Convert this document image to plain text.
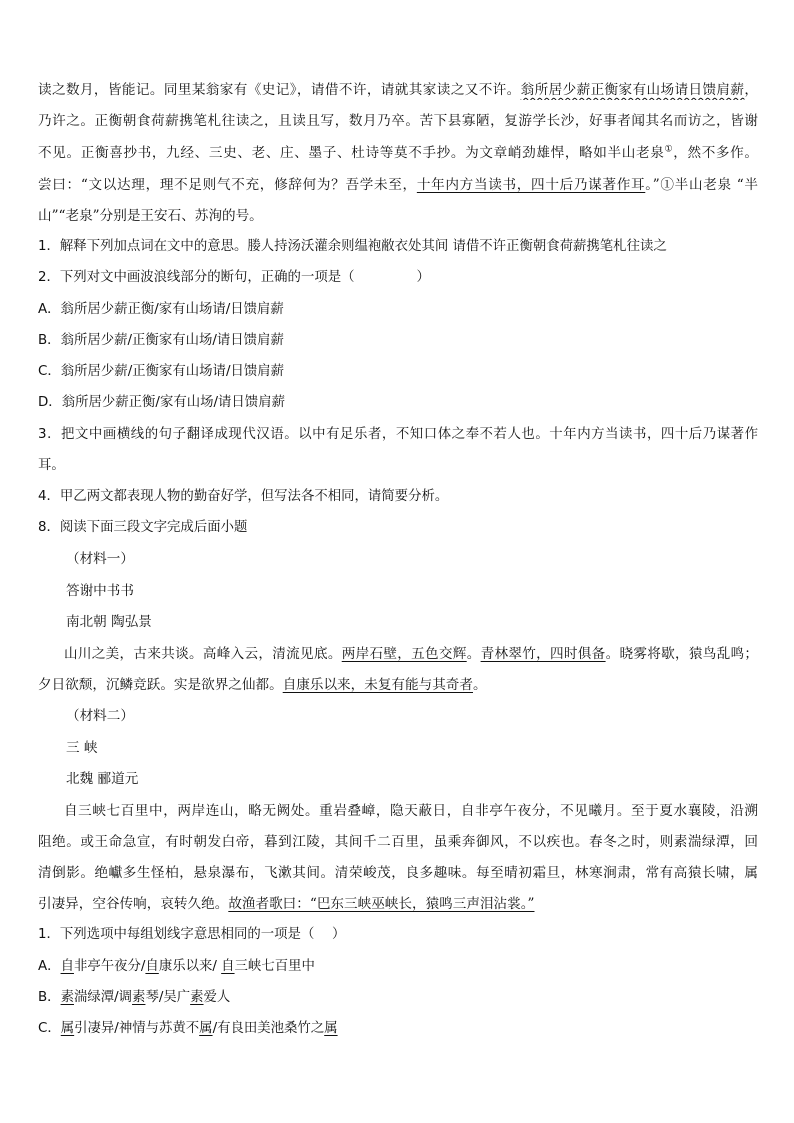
读之数月，皆能记。同里某翁家有《史记》，请借不许，请就其家读之又不许。翁所居少薪正衡家有山场请日馈肩薪，
乃许之。正衡朝食荷薪携笔札往读之，且读且写，数月乃卒。苦下县寡陋，复游学长沙，好事者闻其名而访之，皆谢
不见。正衡喜抄书，九经、三史、老、庄、墨子、杜诗等莫不手抄。为文章峭劲雄悍，略如半山老泉①，然不多作。
尝曰：“文以达理，理不足则气不充，修辞何为？吾学未至，十年内方当读书，四十后乃谋著作耳。”①半山老泉 “半
山”“老泉”分别是王安石、苏洵的号。
1．解释下列加点词在文中的意思。媵人持汤沃灌余则缊袍敝衣处其间 请借不许正衡朝食荷薪携笔札往读之
2．下列对文中画波浪线部分的断句，正确的一项是（	）
A．翁所居少薪正衡/家有山场请/日馈肩薪
B．翁所居少薪/正衡家有山场/请日馈肩薪
C．翁所居少薪/正衡家有山场请/日馈肩薪
D．翁所居少薪正衡/家有山场/请日馈肩薪
3．把文中画横线的句子翻译成现代汉语。以中有足乐者，不知口体之奉不若人也。十年内方当读书，四十后乃谋著作
耳。
4．甲乙两文都表现人物的勤奋好学，但写法各不相同，请简要分析。
8．阅读下面三段文字完成后面小题
（材料一）
答谢中书书
南北朝 陶弘景
山川之美，古来共谈。高峰入云，清流见底。两岸石壁，五色交辉。青林翠竹，四时俱备。晓雾将歇，猿鸟乱鸣；
夕日欲颓，沉鳞竞跃。实是欲界之仙都。自康乐以来，未复有能与其奇者。
（材料二）
三 峡
北魏 郦道元
自三峡七百里中，两岸连山，略无阙处。重岩叠嶂，隐天蔽日，自非亭午夜分，不见曦月。至于夏水襄陵，沿溯
阻绝。或王命急宣，有时朝发白帝，暮到江陵，其间千二百里，虽乘奔御风，不以疾也。春冬之时，则素湍绿潭，回
清倒影。绝巘多生怪柏，悬泉瀑布，飞漱其间。清荣峻茂，良多趣味。每至晴初霜旦，林寒涧肃，常有高猿长啸，属
引凄异，空谷传响，哀转久绝。故渔者歌曰：“巴东三峡巫峡长，猿鸣三声泪沾裳。”
1．下列选项中每组划线字意思相同的一项是（　 ）
A．自非亭午夜分/自康乐以来/ 自三峡七百里中
B．素湍绿潭/调素琴/吴广素爱人
C．属引凄异/神情与苏黄不属/有良田美池桑竹之属
